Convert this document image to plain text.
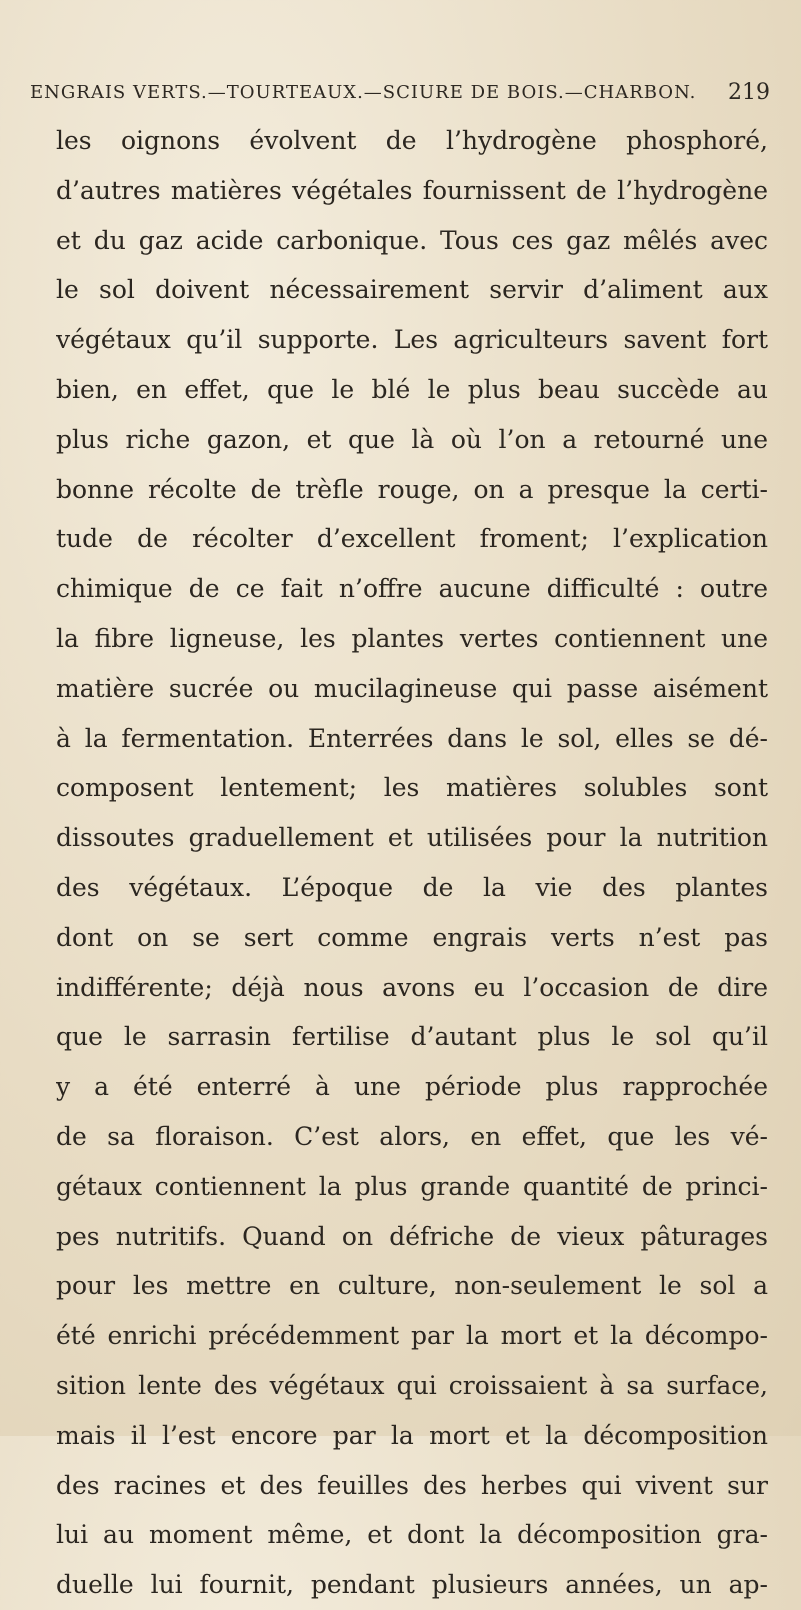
ENGRAIS VERTS.—TOURTEAUX.—SCIURE DE BOIS.—CHARBON. 219
les oignons évolvent de l’hydrogène phosphoré,
d’autres matières végétales fournissent de l’hydrogène
et du gaz acide carbonique. Tous ces gaz mêlés avec
le sol doivent nécessairement servir d’aliment aux
végétaux qu’il supporte. Les agriculteurs savent fort
bien, en effet, que le blé le plus beau succède au
plus riche gazon, et que là où l’on a retourné une
bonne récolte de trèfle rouge, on a presque la certi-
tude de récolter d’excellent froment; l’explication
chimique de ce fait n’offre aucune difficulté : outre
la fibre ligneuse, les plantes vertes contiennent une
matière sucrée ou mucilagineuse qui passe aisément
à la fermentation. Enterrées dans le sol, elles se dé-
composent lentement; les matières solubles sont
dissoutes graduellement et utilisées pour la nutrition
des végétaux. L’époque de la vie des plantes
dont on se sert comme engrais verts n’est pas
indifférente; déjà nous avons eu l’occasion de dire
que le sarrasin fertilise d’autant plus le sol qu’il
y a été enterré à une période plus rapprochée
de sa floraison. C’est alors, en effet, que les vé-
gétaux contiennent la plus grande quantité de princi-
pes nutritifs. Quand on défriche de vieux pâturages
pour les mettre en culture, non-seulement le sol a
été enrichi précédemment par la mort et la décompo-
sition lente des végétaux qui croissaient à sa surface,
mais il l’est encore par la mort et la décomposition
des racines et des feuilles des herbes qui vivent sur
lui au moment même, et dont la décomposition gra-
duelle lui fournit, pendant plusieurs années, un ap-
